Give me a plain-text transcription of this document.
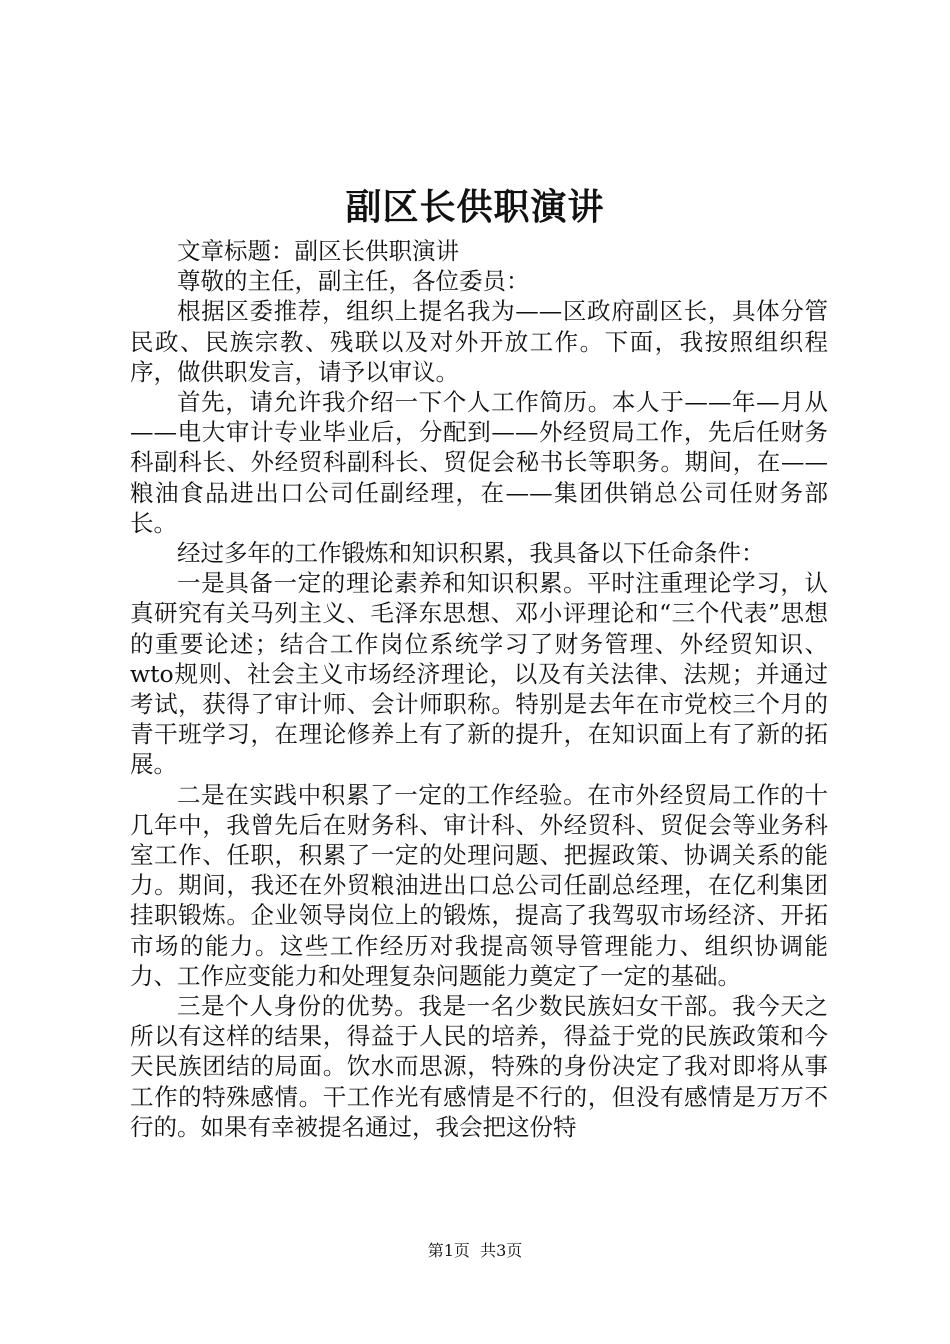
副区长供职演讲

文章标题：副区长供职演讲

尊敬的主任，副主任，各位委员：

根据区委推荐，组织上提名我为——区政府副区长，具体分管民政、民族宗教、残联以及对外开放工作。下面，我按照组织程序，做供职发言，请予以审议。

首先，请允许我介绍一下个人工作简历。本人于——年—月从——电大审计专业毕业后，分配到——外经贸局工作，先后任财务科副科长、外经贸科副科长、贸促会秘书长等职务。期间，在——粮油食品进出口公司任副经理，在——集团供销总公司任财务部长。

经过多年的工作锻炼和知识积累，我具备以下任命条件：

一是具备一定的理论素养和知识积累。平时注重理论学习，认真研究有关马列主义、毛泽东思想、邓小评理论和“三个代表”思想的重要论述；结合工作岗位系统学习了财务管理、外经贸知识、wto规则、社会主义市场经济理论，以及有关法律、法规；并通过考试，获得了审计师、会计师职称。特别是去年在市党校三个月的青干班学习，在理论修养上有了新的提升，在知识面上有了新的拓展。

二是在实践中积累了一定的工作经验。在市外经贸局工作的十几年中，我曾先后在财务科、审计科、外经贸科、贸促会等业务科室工作、任职，积累了一定的处理问题、把握政策、协调关系的能力。期间，我还在外贸粮油进出口总公司任副总经理，在亿利集团挂职锻炼。企业领导岗位上的锻炼，提高了我驾驭市场经济、开拓市场的能力。这些工作经历对我提高领导管理能力、组织协调能力、工作应变能力和处理复杂问题能力奠定了一定的基础。

三是个人身份的优势。我是一名少数民族妇女干部。我今天之所以有这样的结果，得益于人民的培养，得益于党的民族政策和今天民族团结的局面。饮水而思源，特殊的身份决定了我对即将从事工作的特殊感情。干工作光有感情是不行的，但没有感情是万万不行的。如果有幸被提名通过，我会把这份特

第1页 共3页
